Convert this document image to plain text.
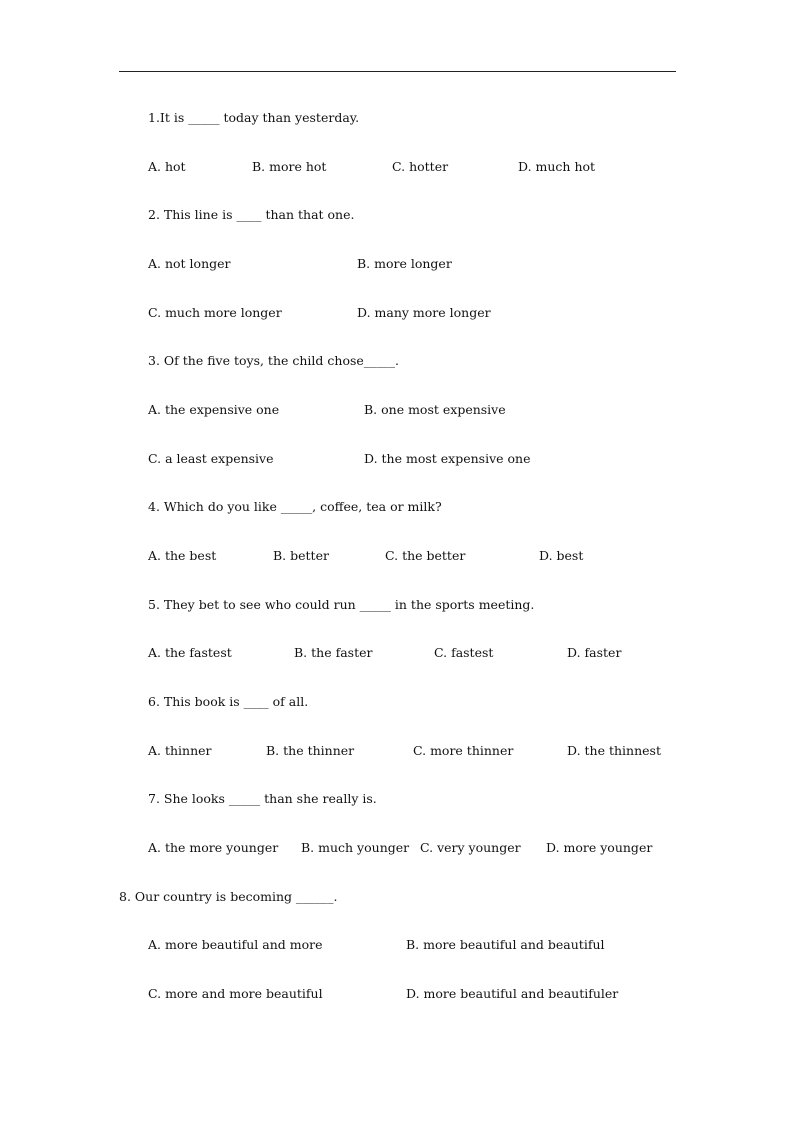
1.It is _____ today than yesterday.
A. hot	B. more hot	C. hotter	D. much hot
2. This line is ____ than that one.
A. not longer	B. more longer
C. much more longer	D. many more longer
3. Of the five toys, the child chose_____.
A. the expensive one	B. one most expensive
C. a least expensive	D. the most expensive one
4. Which do you like _____, coffee, tea or milk?
A. the best	B. better	C. the better	D. best
5. They bet to see who could run _____ in the sports meeting.
A. the fastest	B. the faster	C. fastest	D. faster
6. This book is ____ of all.
A. thinner	B. the thinner	C. more thinner	D. the thinnest
7. She looks _____ than she really is.
A. the more younger B. much younger C. very younger D. more younger
8. Our country is becoming ______.
A. more beautiful and more	B. more beautiful and beautiful
C. more and more beautiful	D. more beautiful and beautifuler
